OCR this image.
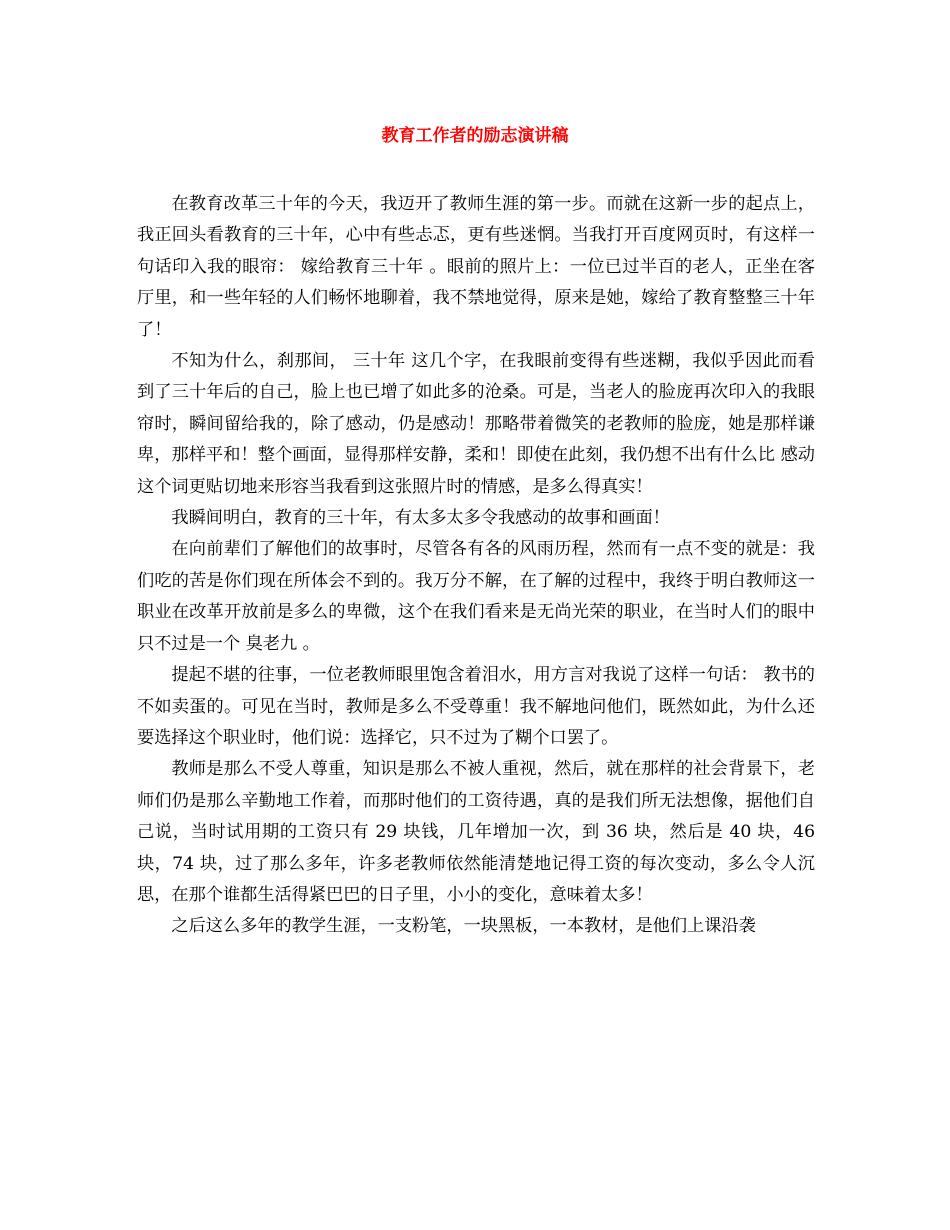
教育工作者的励志演讲稿

在教育改革三十年的今天，我迈开了教师生涯的第一步。而就在这新一步的起点上，我正回头看教育的三十年，心中有些忐忑，更有些迷惘。当我打开百度网页时，有这样一句话印入我的眼帘： 嫁给教育三十年 。眼前的照片上：一位已过半百的老人，正坐在客厅里，和一些年轻的人们畅怀地聊着，我不禁地觉得，原来是她，嫁给了教育整整三十年了！

不知为什么，刹那间， 三十年 这几个字，在我眼前变得有些迷糊，我似乎因此而看到了三十年后的自己，脸上也已增了如此多的沧桑。可是，当老人的脸庞再次印入的我眼帘时，瞬间留给我的，除了感动，仍是感动！那略带着微笑的老教师的脸庞，她是那样谦卑，那样平和！整个画面，显得那样安静，柔和！即使在此刻，我仍想不出有什么比 感动 这个词更贴切地来形容当我看到这张照片时的情感，是多么得真实！

我瞬间明白，教育的三十年，有太多太多令我感动的故事和画面！

在向前辈们了解他们的故事时，尽管各有各的风雨历程，然而有一点不变的就是：我们吃的苦是你们现在所体会不到的。我万分不解，在了解的过程中，我终于明白教师这一职业在改革开放前是多么的卑微，这个在我们看来是无尚光荣的职业，在当时人们的眼中只不过是一个 臭老九 。

提起不堪的往事，一位老教师眼里饱含着泪水，用方言对我说了这样一句话： 教书的不如卖蛋的。可见在当时，教师是多么不受尊重！我不解地问他们，既然如此，为什么还要选择这个职业时，他们说：选择它，只不过为了糊个口罢了。

教师是那么不受人尊重，知识是那么不被人重视，然后，就在那样的社会背景下，老师们仍是那么辛勤地工作着，而那时他们的工资待遇，真的是我们所无法想像，据他们自己说，当时试用期的工资只有 29 块钱，几年增加一次，到 36 块，然后是 40 块，46 块，74 块，过了那么多年，许多老教师依然能清楚地记得工资的每次变动，多么令人沉思，在那个谁都生活得紧巴巴的日子里，小小的变化，意味着太多！

之后这么多年的教学生涯，一支粉笔，一块黑板，一本教材，是他们上课沿袭
